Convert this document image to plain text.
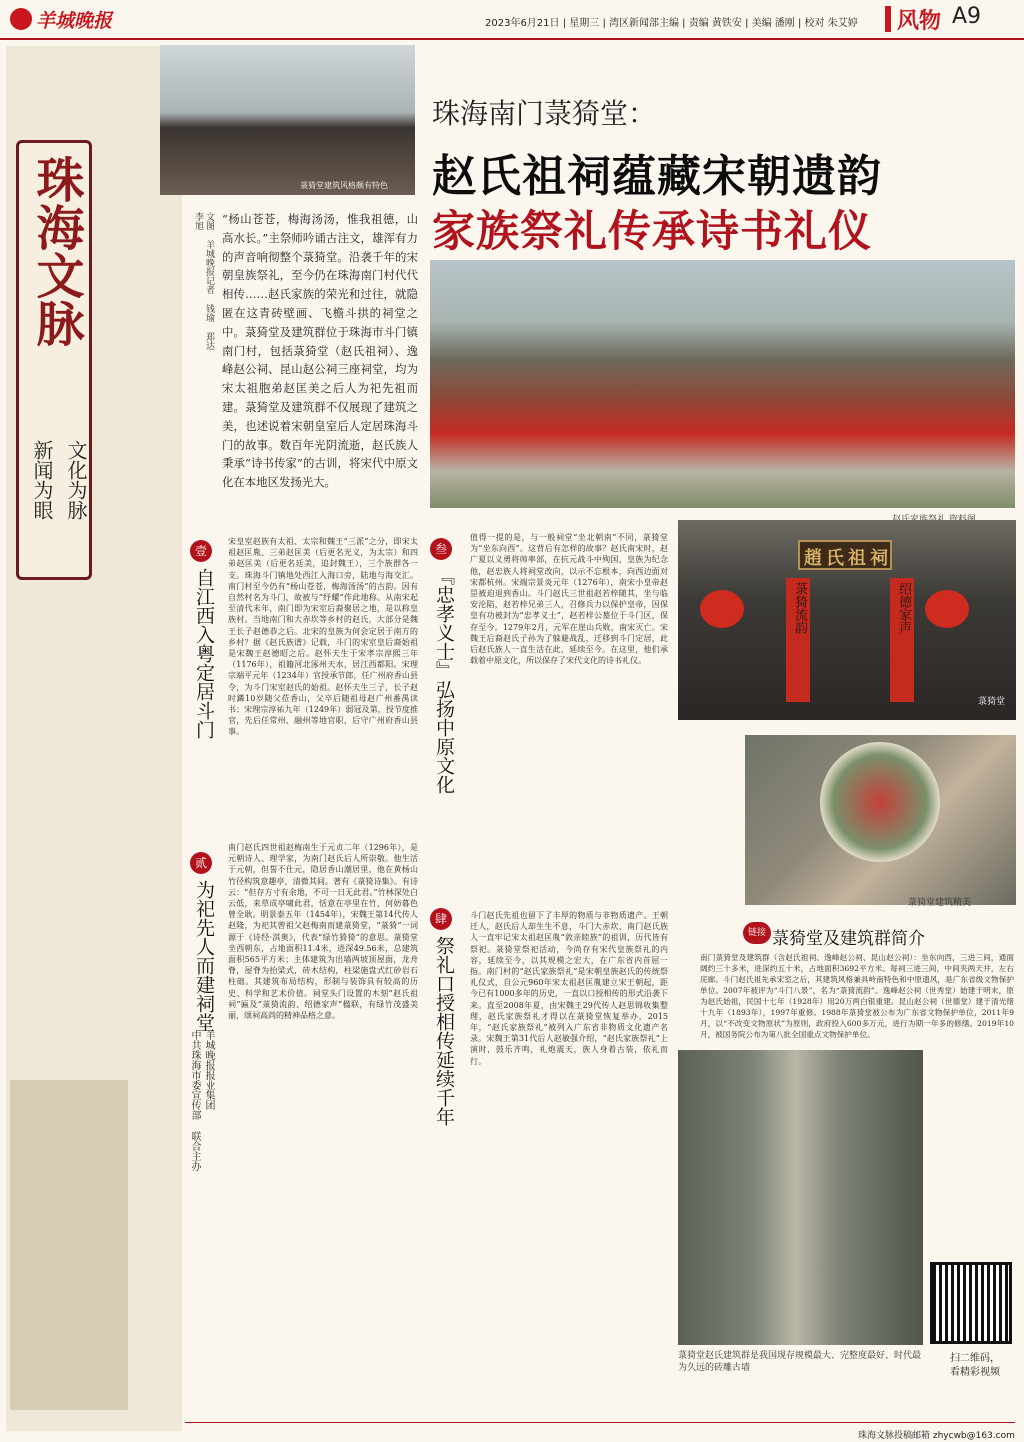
羊城晚报	2023年6月21日 | 星期三 | 湾区新闻部主编 | 责编 黄铁安 | 美编 潘刚 | 校对 朱艾婷 风物 A9
珠海文脉
文化为脉
新闻为眼
菉猗堂建筑风格颇有特色
珠海南门菉猗堂：
赵氏祖祠蕴藏宋朝遗韵
家族祭礼传承诗书礼仪
趙氏祖祠
菉猗流韵	绍德家声
菉猗堂
菉猗堂建筑精美
菉猗堂赵氏建筑群是我国现存规模最大、完整度最好、时代最为久远的砖雕古墙
扫二维码，
看精彩视频
文图 羊城晚报记者 钱瑜 郑达 李旭	“杨山苍苍，梅海汤汤，惟我祖德，山高水长。”主祭师吟诵古注文，雄浑有力的声音响彻整个菉猗堂。沿袭千年的宋朝皇族祭礼，至今仍在珠海南门村代代相传……赵氏家族的荣光和过往，就隐匿在这青砖壁画、飞檐斗拱的祠堂之中。菉猗堂及建筑群位于珠海市斗门镇南门村，包括菉猗堂（赵氏祖祠）、逸峰赵公祠、昆山赵公祠三座祠堂，均为宋太祖胞弟赵匡美之后人为祀先祖而建。菉猗堂及建筑群不仅展现了建筑之美，也述说着宋朝皇室后人定居珠海斗门的故事。数百年光阴流逝，赵氏族人秉承“诗书传家”的古训，将宋代中原文化在本地区发扬光大。
壹
自江西入粤定居斗门
贰
为祀先人而建祠堂
叁
『忠孝义士』弘扬中原文化
肆
祭礼口授相传延续千年
链接 菉猗堂及建筑群简介
羊城晚报报业集团
中共珠海市委宣传部 联合主办
宋皇室赵族有太祖、太宗和魏王“三派”之分，即宋太祖赵匡胤、三弟赵匡美（后更名光义，为太宗）和四弟赵匡美（后更名廷美，追封魏王），三个族群各一支。珠海斗门镇地处西江入海口旁，陆地与海交汇。南门村至今仍有“杨山苍苍，梅海汤汤”的古韵。因有自然村名为斗门，故被与“纾耀”作此地称。从南宋起至清代末年，南门即为宋室后裔聚居之地，是以称皇族村。当地南门和大赤坎等乡村的赵氏，大部分是魏王长子赵德恭之后。北宋的皇族为何会定居于南方的乡村？据《赵氏族谱》记载，斗门的宋室皇后裔始祖是宋魏王赵德昭之后。赵怀夫生于宋孝宗淳熙三年（1176年），祖籍河北涿州天水，居江西都阳。宋理宗端平元年（1234年）官授承节郎，任广州府香山县令，为斗门宋室赵氏的始祖。赵怀夫生三子，长子赵时鏻10岁随父莅香山，父卒后随祖母赵广州番禺读书；宋理宗淳祐九年（1249年）弱冠及第，授节度推官，先后任常州、融州等地官职，后守广州府香山县事。
南门赵氏四世祖赵梅南生于元贞二年（1296年），是元朝诗人、理学家，为南门赵氏后人所崇敬。他生活于元朝，但誓不仕元，隐居香山潮居里，他在黄杨山竹径构筑意趣亭，清微其间。著有《菉猗诗集》。有诗云：“但存方寸有余地，不可一日无此君。”竹林深处白云低，来草成亭啸此君，恬意在亭里在竹，何妨暮色曾全耿。明景泰五年（1454年），宋魏王第14代传人赵隆，为祀其曾祖父赵梅南而建菉猗堂，“菉猗”一词源于《诗经·淇奥》，代表“绿竹猗猗”的意思。菉猗堂坐西朝东，占地面积11.4米，进深49.56米，总建筑面积565平方米；主体建筑为出墙两坡顶屋面，龙舟脊，屋脊为抬梁式，砖木结构，柱梁施盘式红砂岩石柱础。其建筑布局结构，形制与装饰具有较高的历史、科学和艺术价值。祠堂头门设置的木刻“赵氏祖祠”匾及“菉猗流韵、绍德家声”楹联，有绿竹茂盛美丽，颂祠高尚的精神品格之意。
值得一提的是，与一般祠堂“坐北朝南”不同，菉猗堂为“坐东向西”。这背后有怎样的故事？赵氏南宋时，赵广夏以义勇将帅率部，在抗元战斗中殉国，皇族为纪念他，赵忠族人将祠堂改向，以示不忘根本，向西边面对宋都杭州。宋端宗景炎元年（1276年），南宋小皇帝赵昰被迫退到香山。斗门赵氏三世祖赵若梓随其，坐与临安沦陷，赵若梓兄弟三人，召修兵力以保护皇帝，因保皇有功被封为“忠孝义士”，赵若梓公墓位于斗门区，保存至今。1279年2月，元军在崖山兵败，南宋灭亡。宋魏王后裔赵氏子孙为了躲避战乱，迁移到斗门定居，此后赵氏族人一直生活在此，延续至今。在这里，他们承载着中原文化，所以保存了宋代文化的诗书礼仪。
斗门赵氏先祖也留下了丰厚的物质与非物质遗产。王朝迁人，赵氏后人却生生不息，斗门大赤坎、南门赵氏族人一直牢记宋太祖赵匡胤“敦亲睦族”的祖训，历代皆有祭祀。菉猗堂祭祀活动，今尚存有宋代皇族祭礼的内容，延续至今，以其规模之宏大，在广东省内首屈一指。南门村的“赵氏家族祭礼”是宋朝皇族赵氏的传统祭礼仪式，自公元960年宋太祖赵匡胤建立宋王朝起，距今已有1000多年的历史，一直以口授相传的形式沿袭下来。直至2008年夏，由宋魏王29代传人赵思锦收集整理，赵氏家族祭礼才得以在菉猗堂恢复举办，2015年，“赵氏家族祭礼”被列入广东省非物质文化遗产名录。宋魏王第31代后人赵敏强介绍，“赵氏家族祭礼”上演时，鼓乐齐鸣，礼炮震天，族人身着古装，依礼而行。
南门菉猗堂及建筑群（含赵氏祖祠、逸峰赵公祠、昆山赵公祠）：坐东向西，三进三间，通面阔约三十多米，进深约五十米，占地面积3692平方米。每祠三进三间，中间夹两天井，左右庑廊。斗门赵氏祖先承宋室之后，其建筑风格兼具岭南特色和中原遗风，是广东省级文物保护单位。2007年被评为“斗门八景”，名为“菉猗流韵”。逸峰赵公祠（世秀堂）始建于明末，原为赵氏始祖，民国十七年（1928年）用20万两白银重建。昆山赵公祠（世德堂）建于清光绪十九年（1893年），1997年重修。1988年菉猗堂被公布为广东省文物保护单位，2011年9月，以“不改变文物原状”为原则，政府投入600多万元，进行为期一年多的修缮。2019年10月，被国务院公布为第八批全国重点文物保护单位。
珠海文脉投稿邮箱 zhycwb@163.com
